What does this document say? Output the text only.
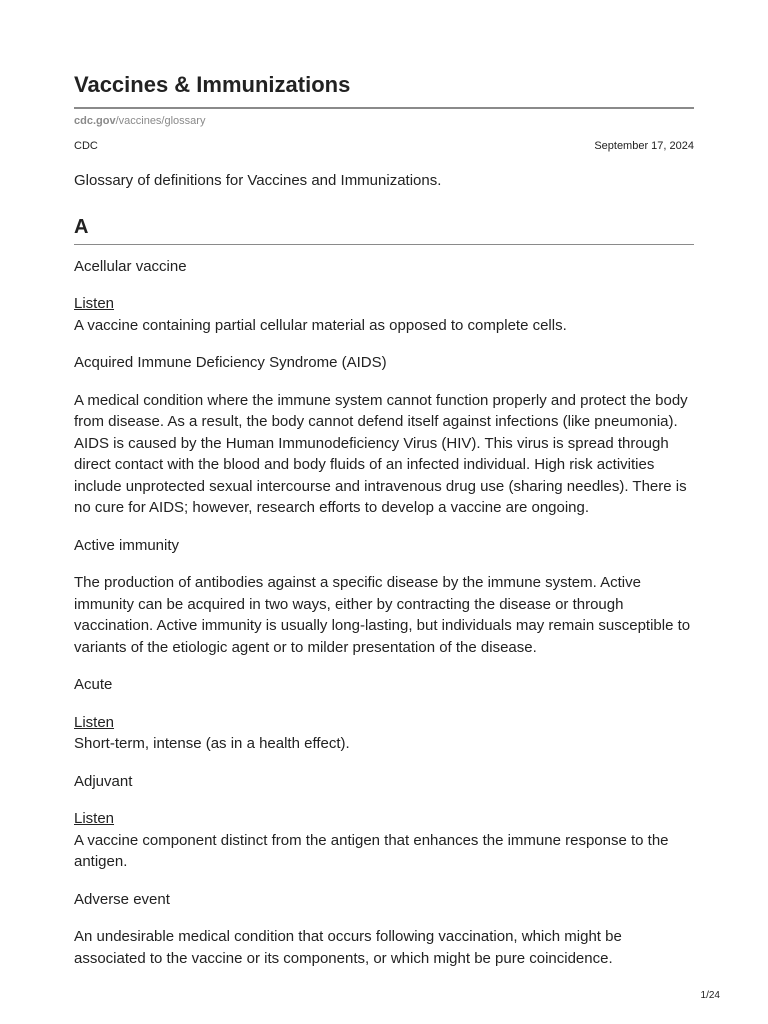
Vaccines & Immunizations
cdc.gov/vaccines/glossary
CDC	September 17, 2024

Glossary of definitions for Vaccines and Immunizations.

A

Acellular vaccine

Listen
A vaccine containing partial cellular material as opposed to complete cells.

Acquired Immune Deficiency Syndrome (AIDS)

A medical condition where the immune system cannot function properly and protect the body from disease. As a result, the body cannot defend itself against infections (like pneumonia). AIDS is caused by the Human Immunodeficiency Virus (HIV). This virus is spread through direct contact with the blood and body fluids of an infected individual. High risk activities include unprotected sexual intercourse and intravenous drug use (sharing needles). There is no cure for AIDS; however, research efforts to develop a vaccine are ongoing.

Active immunity

The production of antibodies against a specific disease by the immune system. Active immunity can be acquired in two ways, either by contracting the disease or through vaccination. Active immunity is usually long-lasting, but individuals may remain susceptible to variants of the etiologic agent or to milder presentation of the disease.

Acute

Listen
Short-term, intense (as in a health effect).

Adjuvant

Listen
A vaccine component distinct from the antigen that enhances the immune response to the antigen.

Adverse event

An undesirable medical condition that occurs following vaccination, which might be associated to the vaccine or its components, or which might be pure coincidence.

1/24
